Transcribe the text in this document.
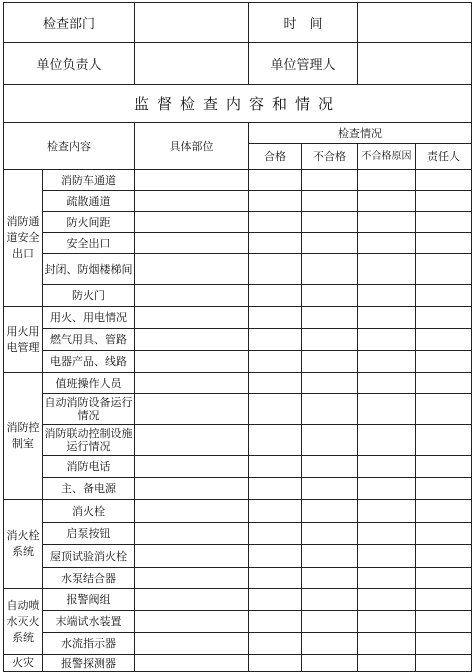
检查部门			时　间			
单位负责人			单位管理人			
监督检查内容和情况						
检查内容		具体部位	检查情况			
			合格	不合格	不合格原因	责任人
消防通道安全出口	消防车通道					
	疏散通道					
	防火间距					
	安全出口					
	封闭、防烟楼梯间					
	防火门					
用火用电管理	用火、用电情况					
	燃气用具、管路					
	电器产品、线路					
消防控制室	值班操作人员					
	自动消防设备运行情况					
	消防联动控制设施运行情况					
	消防电话					
	主、备电源					
消火栓系统	消火栓					
	启泵按钮					
	屋顶试验消火栓					
	水泵结合器					
自动喷水灭火系统	报警阀组					
	末端试水装置					
	水流指示器					
火灾	报警探测器					
